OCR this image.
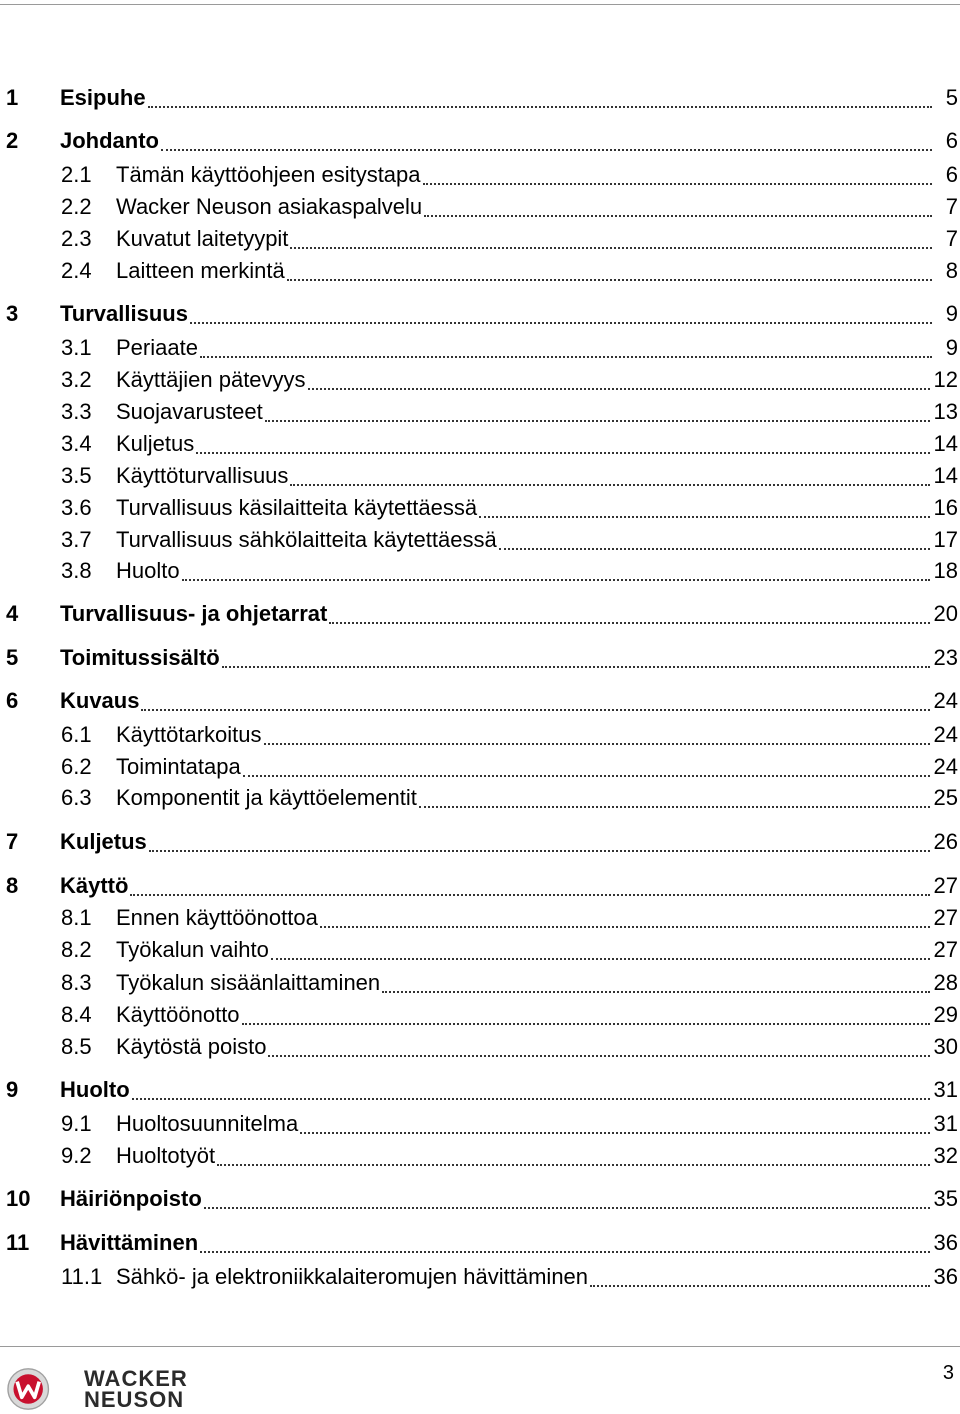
1 Esipuhe	5
2 Johdanto	6
2.1 Tämän käyttöohjeen esitystapa	6
2.2 Wacker Neuson asiakaspalvelu	7
2.3 Kuvatut laitetyypit	7
2.4 Laitteen merkintä	8
3 Turvallisuus	9
3.1 Periaate	9
3.2 Käyttäjien pätevyys	12
3.3 Suojavarusteet	13
3.4 Kuljetus	14
3.5 Käyttöturvallisuus	14
3.6 Turvallisuus käsilaitteita käytettäessä	16
3.7 Turvallisuus sähkölaitteita käytettäessä	17
3.8 Huolto	18
4 Turvallisuus- ja ohjetarrat	20
5 Toimitussisältö	23
6 Kuvaus	24
6.1 Käyttötarkoitus	24
6.2 Toimintatapa	24
6.3 Komponentit ja käyttöelementit	25
7 Kuljetus	26
8 Käyttö	27
8.1 Ennen käyttöönottoa	27
8.2 Työkalun vaihto	27
8.3 Työkalun sisäänlaittaminen	28
8.4 Käyttöönotto	29
8.5 Käytöstä poisto	30
9 Huolto	31
9.1 Huoltosuunnitelma	31
9.2 Huoltotyöt	32
10 Häiriönpoisto	35
11 Hävittäminen	36
11.1 Sähkö- ja elektroniikkalaiteromujen hävittäminen	36
WACKER
NEUSON
3
